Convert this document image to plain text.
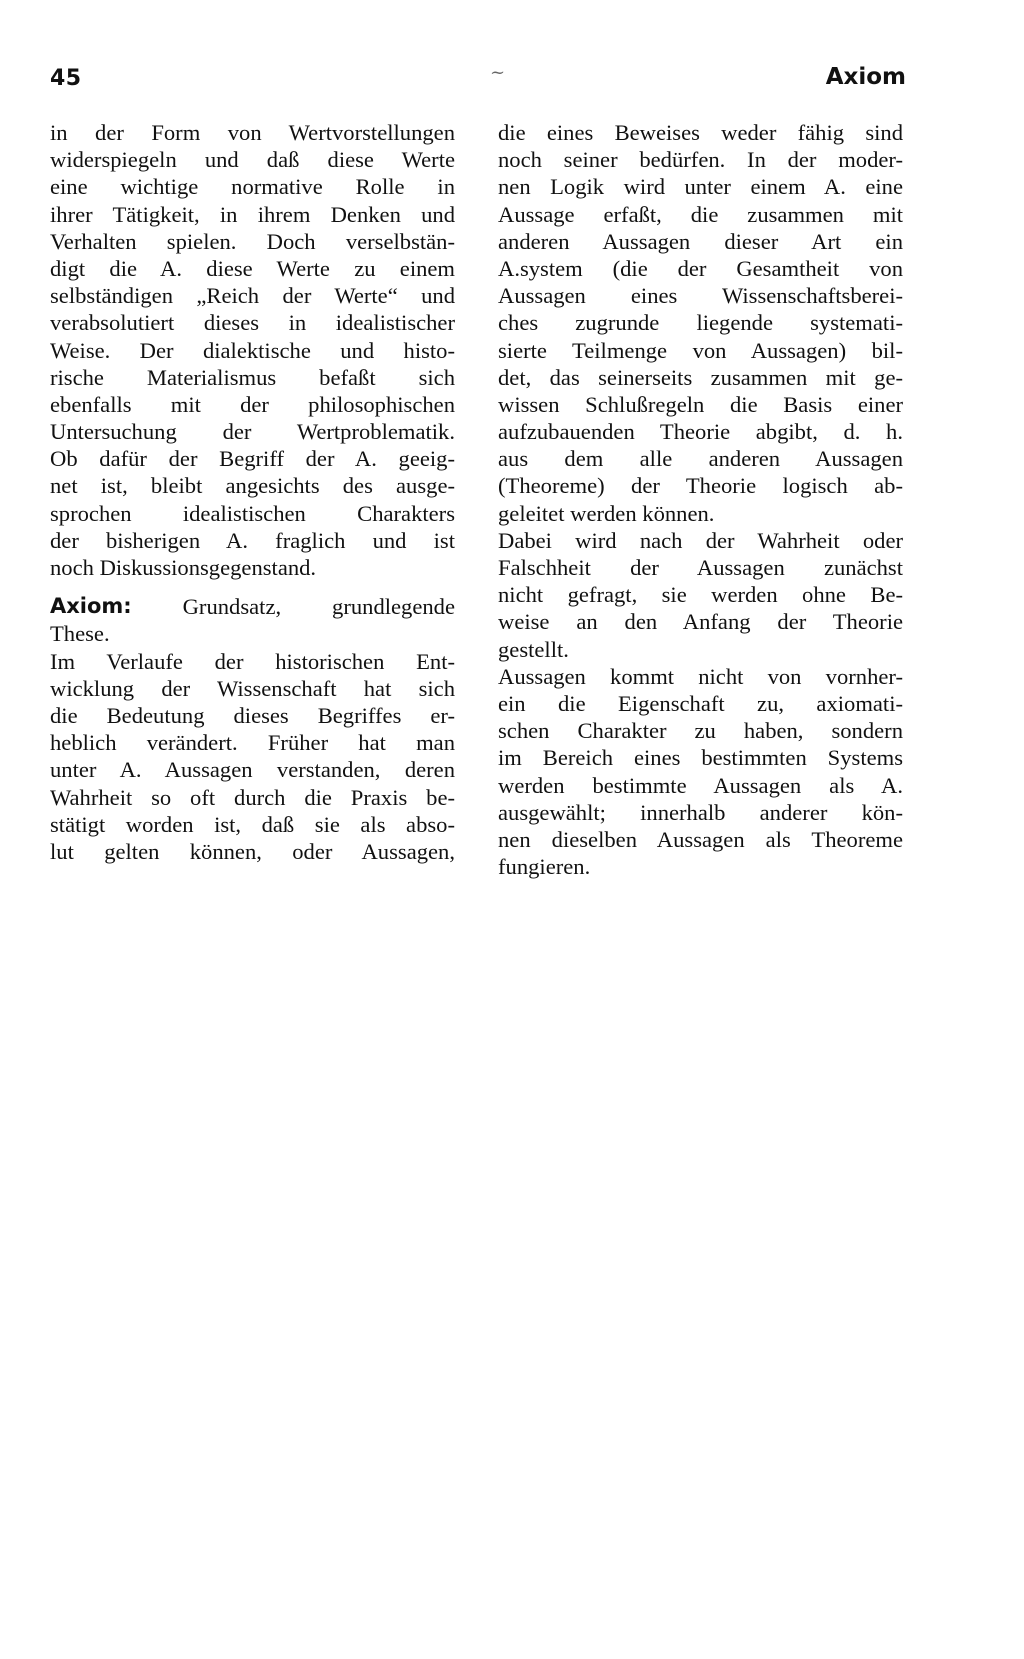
45	~	Axiom
in der Form von Wertvorstellungen
widerspiegeln und daß diese Werte
eine wichtige normative Rolle in
ihrer Tätigkeit, in ihrem Denken und
Verhalten spielen. Doch verselbstän-
digt die A. diese Werte zu einem
selbständigen „Reich der Werte“ und
verabsolutiert dieses in idealistischer
Weise. Der dialektische und histo-
rische Materialismus befaßt sich
ebenfalls mit der philosophischen
Untersuchung der Wertproblematik.
Ob dafür der Begriff der A. geeig-
net ist, bleibt angesichts des ausge-
sprochen idealistischen Charakters
der bisherigen A. fraglich und ist
noch Diskussionsgegenstand.
Axiom: Grundsatz, grundlegende
These.
Im Verlaufe der historischen Ent-
wicklung der Wissenschaft hat sich
die Bedeutung dieses Begriffes er-
heblich verändert. Früher hat man
unter A. Aussagen verstanden, deren
Wahrheit so oft durch die Praxis be-
stätigt worden ist, daß sie als abso-
lut gelten können, oder Aussagen,
die eines Beweises weder fähig sind
noch seiner bedürfen. In der moder-
nen Logik wird unter einem A. eine
Aussage erfaßt, die zusammen mit
anderen Aussagen dieser Art ein
A.system (die der Gesamtheit von
Aussagen eines Wissenschaftsberei-
ches zugrunde liegende systemati-
sierte Teilmenge von Aussagen) bil-
det, das seinerseits zusammen mit ge-
wissen Schlußregeln die Basis einer
aufzubauenden Theorie abgibt, d. h.
aus dem alle anderen Aussagen
(Theoreme) der Theorie logisch ab-
geleitet werden können.
Dabei wird nach der Wahrheit oder
Falschheit der Aussagen zunächst
nicht gefragt, sie werden ohne Be-
weise an den Anfang der Theorie
gestellt.
Aussagen kommt nicht von vornher-
ein die Eigenschaft zu, axiomati-
schen Charakter zu haben, sondern
im Bereich eines bestimmten Systems
werden bestimmte Aussagen als A.
ausgewählt; innerhalb anderer kön-
nen dieselben Aussagen als Theoreme
fungieren.
